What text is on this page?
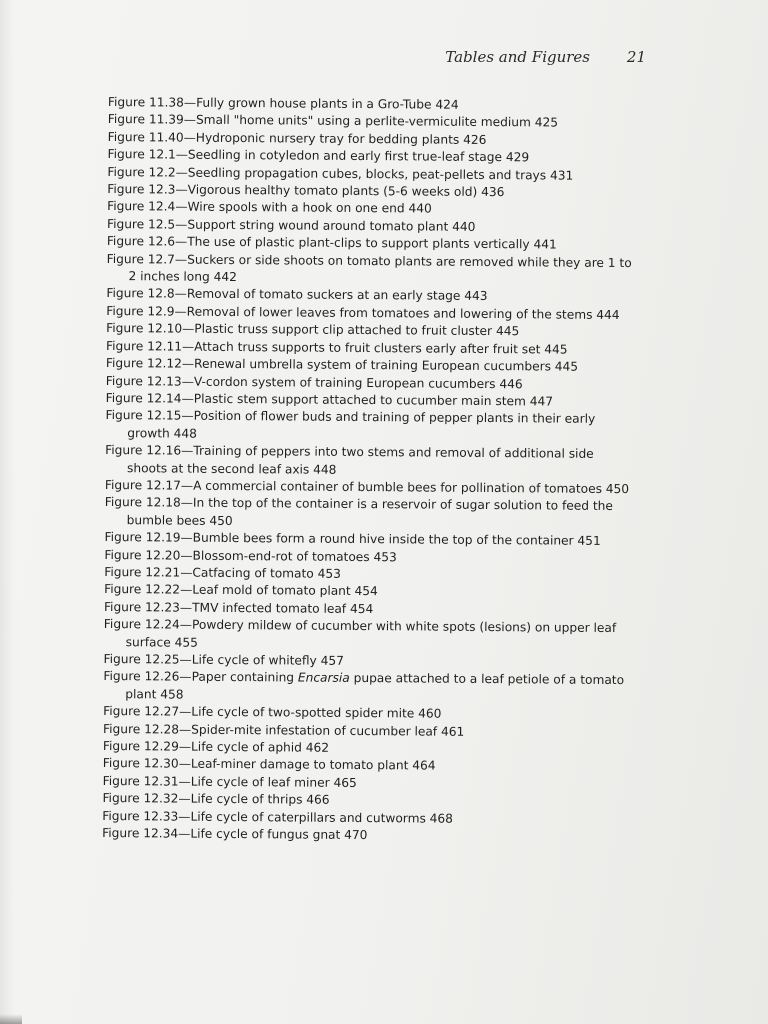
Tables and Figures 21

Figure 11.38—Fully grown house plants in a Gro-Tube 424

Figure 11.39—Small "home units" using a perlite-vermiculite medium 425

Figure 11.40—Hydroponic nursery tray for bedding plants 426

Figure 12.1—Seedling in cotyledon and early first true-leaf stage 429

Figure 12.2—Seedling propagation cubes, blocks, peat-pellets and trays 431

Figure 12.3—Vigorous healthy tomato plants (5-6 weeks old) 436

Figure 12.4—Wire spools with a hook on one end 440

Figure 12.5—Support string wound around tomato plant 440

Figure 12.6—The use of plastic plant-clips to support plants vertically 441

Figure 12.7—Suckers or side shoots on tomato plants are removed while they are 1 to 2 inches long 442

Figure 12.8—Removal of tomato suckers at an early stage 443

Figure 12.9—Removal of lower leaves from tomatoes and lowering of the stems 444

Figure 12.10—Plastic truss support clip attached to fruit cluster 445

Figure 12.11—Attach truss supports to fruit clusters early after fruit set 445

Figure 12.12—Renewal umbrella system of training European cucumbers 445

Figure 12.13—V-cordon system of training European cucumbers 446

Figure 12.14—Plastic stem support attached to cucumber main stem 447

Figure 12.15—Position of flower buds and training of pepper plants in their early growth 448

Figure 12.16—Training of peppers into two stems and removal of additional side shoots at the second leaf axis 448

Figure 12.17—A commercial container of bumble bees for pollination of tomatoes 450

Figure 12.18—In the top of the container is a reservoir of sugar solution to feed the bumble bees 450

Figure 12.19—Bumble bees form a round hive inside the top of the container 451

Figure 12.20—Blossom-end-rot of tomatoes 453

Figure 12.21—Catfacing of tomato 453

Figure 12.22—Leaf mold of tomato plant 454

Figure 12.23—TMV infected tomato leaf 454

Figure 12.24—Powdery mildew of cucumber with white spots (lesions) on upper leaf surface 455

Figure 12.25—Life cycle of whitefly 457

Figure 12.26—Paper containing Encarsia pupae attached to a leaf petiole of a tomato plant 458

Figure 12.27—Life cycle of two-spotted spider mite 460

Figure 12.28—Spider-mite infestation of cucumber leaf 461

Figure 12.29—Life cycle of aphid 462

Figure 12.30—Leaf-miner damage to tomato plant 464

Figure 12.31—Life cycle of leaf miner 465

Figure 12.32—Life cycle of thrips 466

Figure 12.33—Life cycle of caterpillars and cutworms 468

Figure 12.34—Life cycle of fungus gnat 470
